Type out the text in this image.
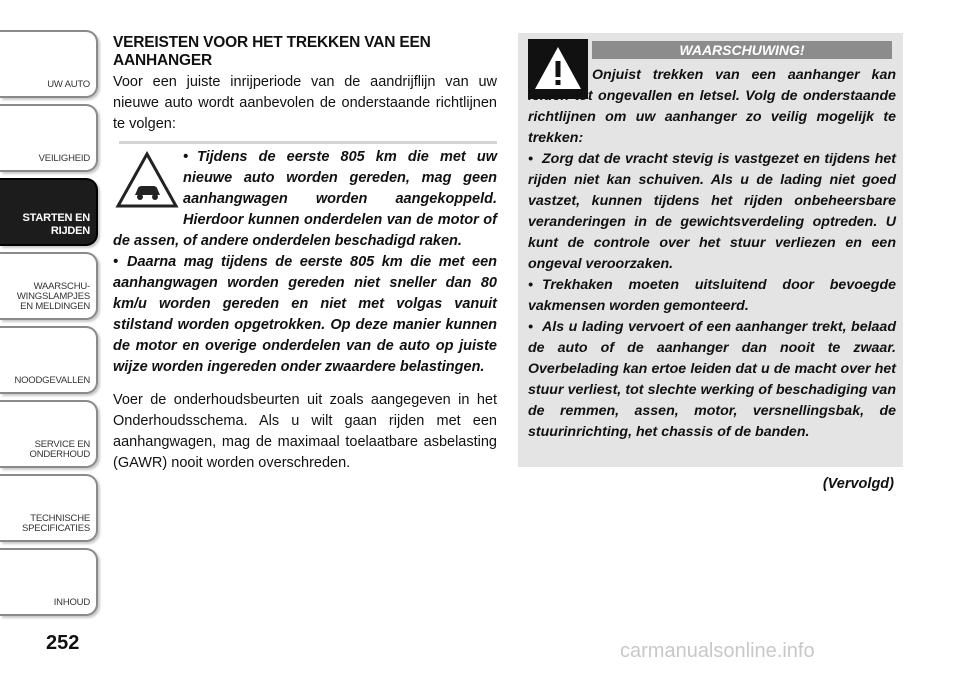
UW AUTO
VEILIGHEID
STARTEN EN
RIJDEN
WAARSCHU-
WINGSLAMPJES
EN MELDINGEN
NOODGEVALLEN
SERVICE EN
ONDERHOUD
TECHNISCHE
SPECIFICATIES
INHOUD
252
VEREISTEN VOOR HET TREKKEN VAN EEN AANHANGER
Voor een juiste inrijperiode van de aandrijflijn van uw nieuwe auto wordt aanbevolen de onderstaande richtlijnen te volgen:

• Tijdens de eerste 805 km die met uw nieuwe auto worden gereden, mag geen aanhangwagen worden aangekoppeld. Hierdoor kunnen onderdelen van de motor of de assen, of andere onderdelen beschadigd raken.

• Daarna mag tijdens de eerste 805 km die met een aanhangwagen worden gereden niet sneller dan 80 km/u worden gereden en niet met volgas vanuit stilstand worden opgetrokken. Op deze manier kunnen de motor en overige onderdelen van de auto op juiste wijze worden ingereden onder zwaardere belastingen.

Voer de onderhoudsbeurten uit zoals aangegeven in het Onderhoudsschema. Als u wilt gaan rijden met een aanhangwagen, mag de maximaal toelaatbare asbelasting (GAWR) nooit worden overschreden.
WAARSCHUWING!
Onjuist trekken van een aanhanger kan leiden tot ongevallen en letsel. Volg de onderstaande richtlijnen om uw aanhanger zo veilig mogelijk te trekken:
• Zorg dat de vracht stevig is vastgezet en tijdens het rijden niet kan schuiven. Als u de lading niet goed vastzet, kunnen tijdens het rijden onbeheersbare veranderingen in de gewichtsverdeling optreden. U kunt de controle over het stuur verliezen en een ongeval veroorzaken.
• Trekhaken moeten uitsluitend door bevoegde vakmensen worden gemonteerd.
• Als u lading vervoert of een aanhanger trekt, belaad de auto of de aanhanger dan nooit te zwaar. Overbelading kan ertoe leiden dat u de macht over het stuur verliest, tot slechte werking of beschadiging van de remmen, assen, motor, versnellingsbak, de stuurinrichting, het chassis of de banden.
(Vervolgd)
carmanualsonline.info
